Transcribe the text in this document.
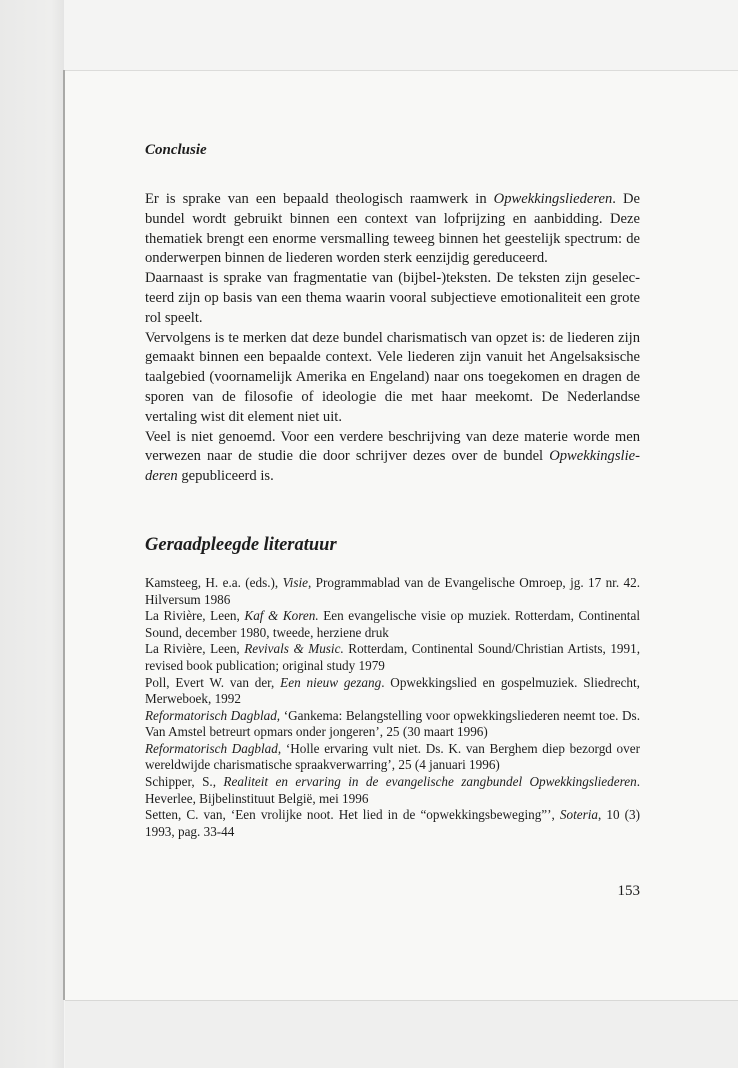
Conclusie

Er is sprake van een bepaald theologisch raamwerk in Opwekkingsliederen. De bundel wordt gebruikt binnen een context van lofprijzing en aanbidding. Deze thematiek brengt een enorme versmalling teweeg binnen het geestelijk spectrum: de onderwerpen binnen de liederen worden sterk eenzijdig gereduceerd.

Daarnaast is sprake van fragmentatie van (bijbel-)teksten. De teksten zijn geselecteerd zijn op basis van een thema waarin vooral subjectieve emotionaliteit een grote rol speelt.

Vervolgens is te merken dat deze bundel charismatisch van opzet is: de liederen zijn gemaakt binnen een bepaalde context. Vele liederen zijn vanuit het Angelsaksische taalgebied (voornamelijk Amerika en Engeland) naar ons toegekomen en dragen de sporen van de filosofie of ideologie die met haar meekomt. De Nederlandse vertaling wist dit element niet uit.

Veel is niet genoemd. Voor een verdere beschrijving van deze materie worde men verwezen naar de studie die door schrijver dezes over de bundel Opwekkingsliederen gepubliceerd is.

Geraadpleegde literatuur

Kamsteeg, H. e.a. (eds.), Visie, Programmablad van de Evangelische Omroep, jg. 17 nr. 42. Hilversum 1986

La Rivière, Leen, Kaf & Koren. Een evangelische visie op muziek. Rotterdam, Continental Sound, december 1980, tweede, herziene druk

La Rivière, Leen, Revivals & Music. Rotterdam, Continental Sound/Christian Artists, 1991, revised book publication; original study 1979

Poll, Evert W. van der, Een nieuw gezang. Opwekkingslied en gospelmuziek. Sliedrecht, Merweboek, 1992

Reformatorisch Dagblad, ‘Gankema: Belangstelling voor opwekkingsliederen neemt toe. Ds. Van Amstel betreurt opmars onder jongeren’, 25 (30 maart 1996)

Reformatorisch Dagblad, ‘Holle ervaring vult niet. Ds. K. van Berghem diep bezorgd over wereldwijde charismatische spraakverwarring’, 25 (4 januari 1996)

Schipper, S., Realiteit en ervaring in de evangelische zangbundel Opwekkingsliederen. Heverlee, Bijbelinstituut België, mei 1996

Setten, C. van, ‘Een vrolijke noot. Het lied in de “opwekkingsbeweging”’, Soteria, 10 (3) 1993, pag. 33-44

153
